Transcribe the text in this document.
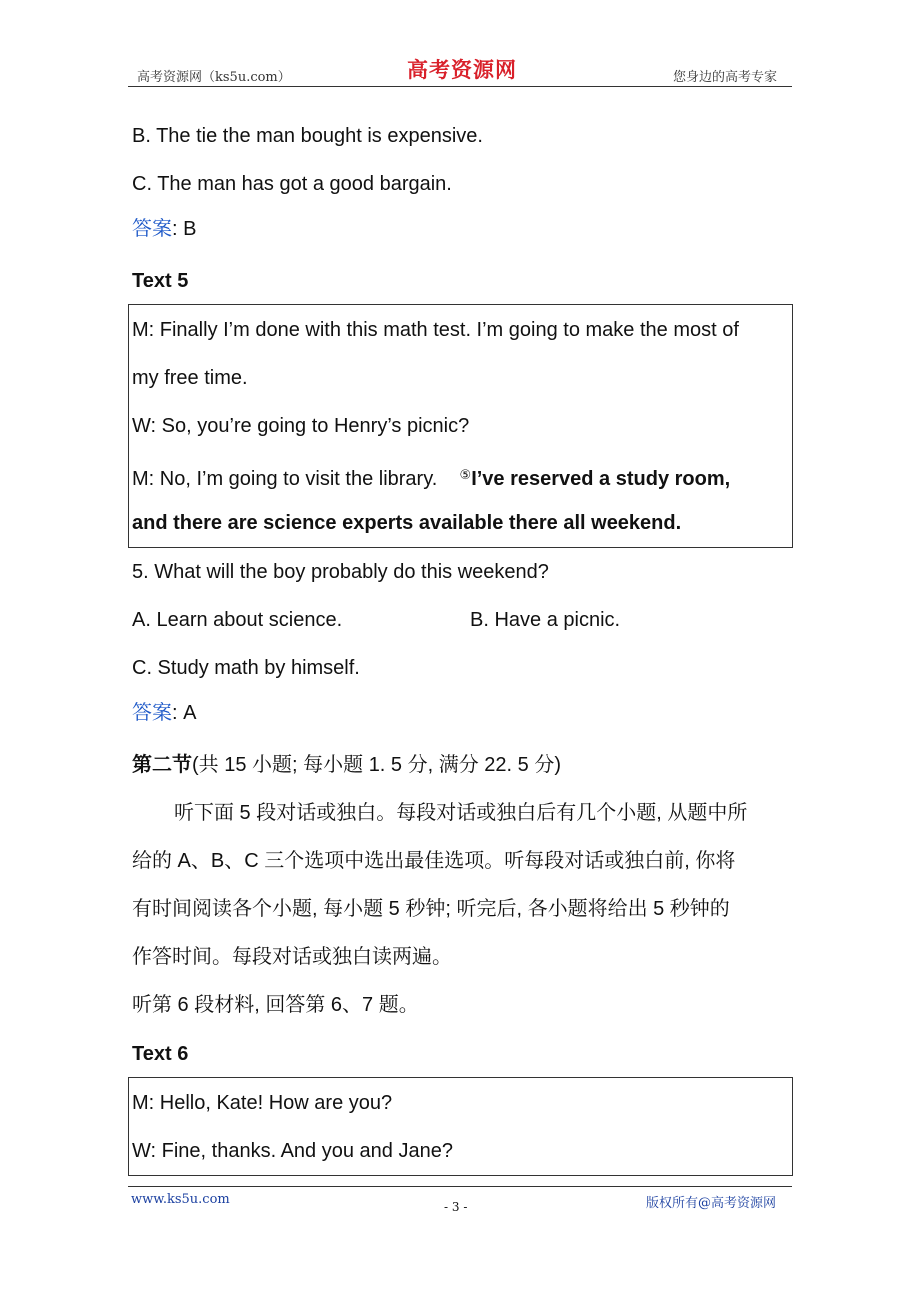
高考资源网（ks5u.com）	高考资源网	您身边的高考专家
B. The tie the man bought is expensive.
C. The man has got a good bargain.
答案: B
Text 5
M: Finally I’m done with this math test. I’m going to make the most of
my free time.
W: So, you’re going to Henry’s picnic?
M: No, I’m going to visit the library. ⑤I’ve reserved a study room,
and there are science experts available there all weekend.
5. What will the boy probably do this weekend?
A. Learn about science.	B. Have a picnic.
C. Study math by himself.
答案: A
第二节(共 15 小题; 每小题 1. 5 分, 满分 22. 5 分)
听下面 5 段对话或独白。每段对话或独白后有几个小题, 从题中所
给的 A、B、C 三个选项中选出最佳选项。听每段对话或独白前, 你将
有时间阅读各个小题, 每小题 5 秒钟; 听完后, 各小题将给出 5 秒钟的
作答时间。每段对话或独白读两遍。
听第 6 段材料, 回答第 6、7 题。
Text 6
M: Hello, Kate! How are you?
W: Fine, thanks. And you and Jane?
www.ks5u.com	- 3 -	版权所有@高考资源网
